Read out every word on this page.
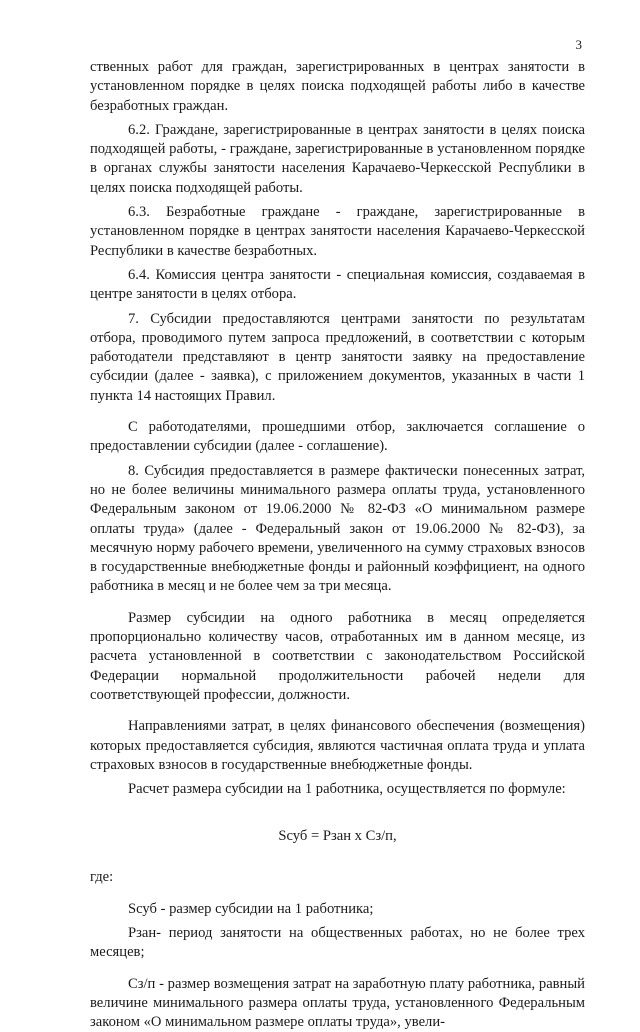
3

ственных работ для граждан, зарегистрированных в центрах занятости в установленном порядке в целях поиска подходящей работы либо в качестве безработных граждан.

6.2. Граждане, зарегистрированные в центрах занятости в целях поиска подходящей работы, - граждане, зарегистрированные в установленном порядке в органах службы занятости населения Карачаево-Черкесской Республики в целях поиска подходящей работы.

6.3. Безработные граждане - граждане, зарегистрированные в установленном порядке в центрах занятости населения Карачаево-Черкесской Республики в качестве безработных.

6.4. Комиссия центра занятости - специальная комиссия, создаваемая в центре занятости в целях отбора.

7. Субсидии предоставляются центрами занятости по результатам отбора, проводимого путем запроса предложений, в соответствии с которым работодатели представляют в центр занятости заявку на предоставление субсидии (далее - заявка), с приложением документов, указанных в части 1 пункта 14 настоящих Правил.

С работодателями, прошедшими отбор, заключается соглашение о предоставлении субсидии (далее - соглашение).

8. Субсидия предоставляется в размере фактически понесенных затрат, но не более величины минимального размера оплаты труда, установленного Федеральным законом от 19.06.2000 № 82-ФЗ «О минимальном размере оплаты труда» (далее - Федеральный закон от 19.06.2000 № 82-ФЗ), за месячную норму рабочего времени, увеличенного на сумму страховых взносов в государственные внебюджетные фонды и районный коэффициент, на одного работника в месяц и не более чем за три месяца.

Размер субсидии на одного работника в месяц определяется пропорционально количеству часов, отработанных им в данном месяце, из расчета установленной в соответствии с законодательством Российской Федерации нормальной продолжительности рабочей недели для соответствующей профессии, должности.

Направлениями затрат, в целях финансового обеспечения (возмещения) которых предоставляется субсидия, являются частичная оплата труда и уплата страховых взносов в государственные внебюджетные фонды.

Расчет размера субсидии на 1 работника, осуществляется по формуле:

Sсуб = Pзан х Сз/п,

где:

Sсуб - размер субсидии на 1 работника;

Pзан- период занятости на общественных работах, но не более трех месяцев;

Сз/п - размер возмещения затрат на заработную плату работника, равный величине минимального размера оплаты труда, установленного Федеральным законом «О минимальном размере оплаты труда», увели-
